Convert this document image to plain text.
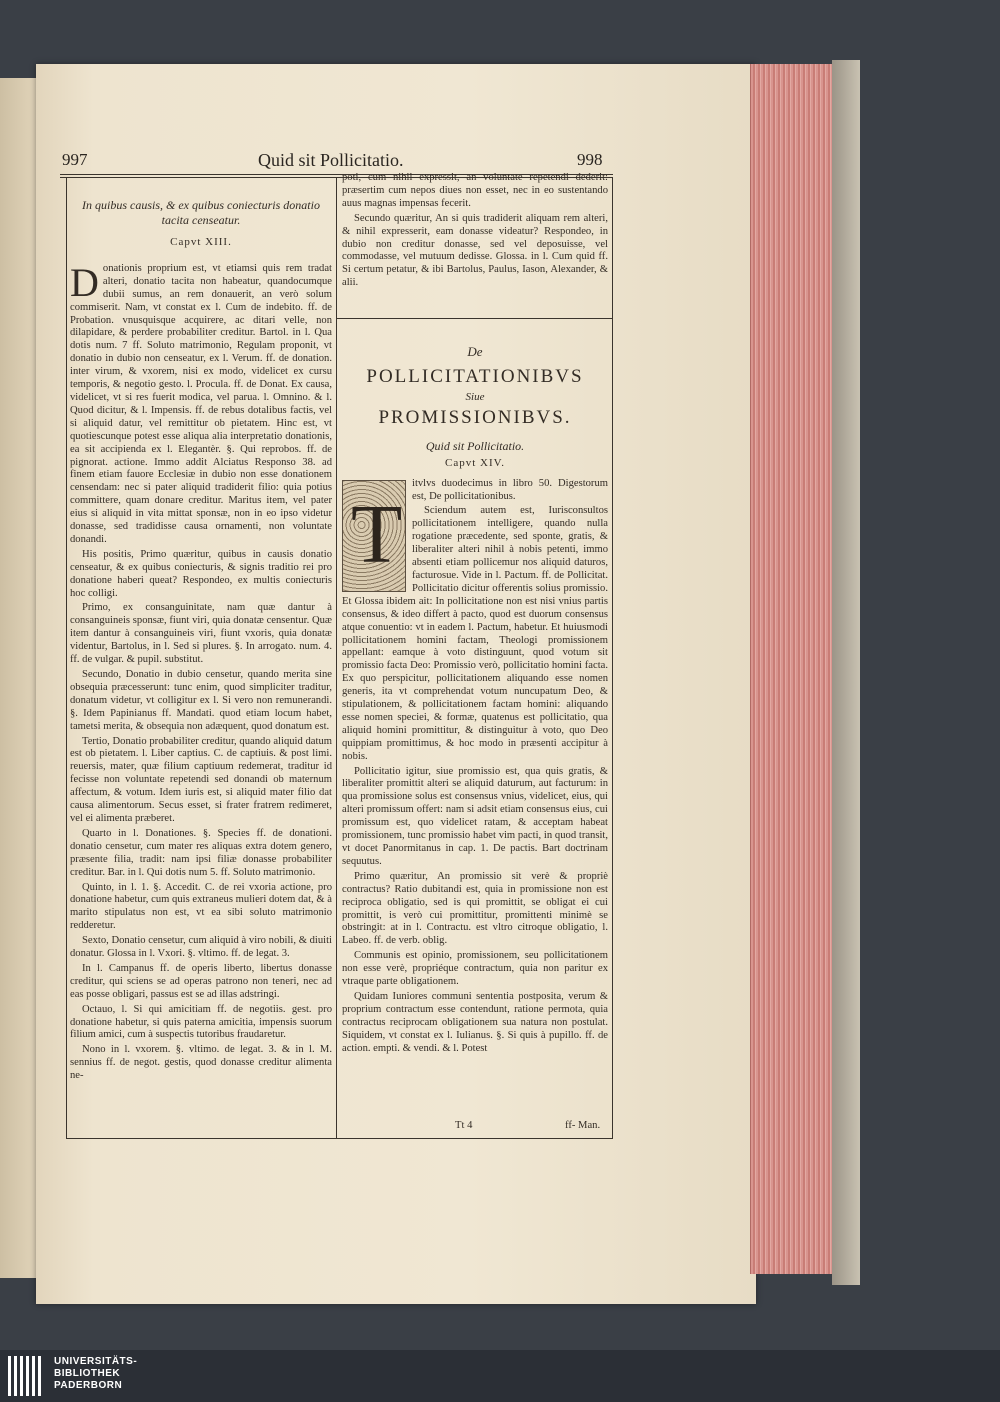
997	Quid sit Pollicitatio.	998

In quibus causis, & ex quibus coniecturis donatio tacita censeatur.

Capvt XIII.

Donationis proprium est, vt etiamsi quis rem tradat alteri, donatio tacita non habeatur, quandocumque dubii sumus, an rem donauerit, an verò solum commiserit. Nam, vt constat ex l. Cum de indebito. ff. de Probation. vnusquisque acquirere, ac ditari velle, non dilapidare, & perdere probabiliter creditur. Bartol. in l. Qua dotis num. 7 ff. Soluto matrimonio, Regulam proponit, vt donatio in dubio non censeatur, ex l. Verum. ff. de donation. inter virum, & vxorem, nisi ex modo, videlicet ex cursu temporis, & negotio gesto. l. Procula. ff. de Donat. Ex causa, videlicet, vt si res fuerit modica, vel parua. l. Omnino. & l. Quod dicitur, & l. Impensis. ff. de rebus dotalibus factis, vel si aliquid datur, vel remittitur ob pietatem. Hinc est, vt quotiescunque potest esse aliqua alia interpretatio donationis, ea sit accipienda ex l. Elegantèr. §. Qui reprobos. ff. de pignorat. actione. Immo addit Alciatus Responso 38. ad finem etiam fauore Ecclesiæ in dubio non esse donationem censendam: nec si pater aliquid tradiderit filio: quia potius committere, quam donare creditur. Maritus item, vel pater eius si aliquid in vita mittat sponsæ, non in eo ipso videtur donasse, sed tradidisse causa ornamenti, non voluntate donandi.

His positis, Primo quæritur, quibus in causis donatio censeatur, & ex quibus coniecturis, & signis traditio rei pro donatione haberi queat? Respondeo, ex multis coniecturis hoc colligi.

Primo, ex consanguinitate, nam quæ dantur à consanguineis sponsæ, fiunt viri, quia donatæ censentur. Quæ item dantur à consanguineis viri, fiunt vxoris, quia donatæ videntur, Bartolus, in l. Sed si plures. §. In arrogato. num. 4. ff. de vulgar. & pupil. substitut.

Secundo, Donatio in dubio censetur, quando merita sine obsequia præcesserunt: tunc enim, quod simpliciter traditur, donatum videtur, vt colligitur ex l. Si vero non remunerandi. §. Idem Papinianus ff. Mandati. quod etiam locum habet, tametsi merita, & obsequia non adæquent, quod donatum est.

Tertio, Donatio probabiliter creditur, quando aliquid datum est ob pietatem. l. Liber captius. C. de captiuis. & post limi. reuersis, mater, quæ filium captiuum redemerat, traditur id fecisse non voluntate repetendi sed donandi ob maternum affectum, & votum. Idem iuris est, si aliquid mater filio dat causa alimentorum. Secus esset, si frater fratrem redimeret, vel ei alimenta præberet.

Quarto in l. Donationes. §. Species ff. de donationi. donatio censetur, cum mater res aliquas extra dotem genero, præsente filia, tradit: nam ipsi filiæ donasse probabiliter creditur. Bar. in l. Qui dotis num 5. ff. Soluto matrimonio.

Quinto, in l. 1. §. Accedit. C. de rei vxoria actione, pro donatione habetur, cum quis extraneus mulieri dotem dat, & à marito stipulatus non est, vt ea sibi soluto matrimonio redderetur.

Sexto, Donatio censetur, cum aliquid à viro nobili, & diuiti donatur. Glossa in l. Vxori. §. vltimo. ff. de legat. 3.

In l. Campanus ff. de operis liberto, libertus donasse creditur, qui sciens se ad operas patrono non teneri, nec ad eas posse obligari, passus est se ad illas adstringi.

Octauo, l. Si qui amicitiam ff. de negotiis. gest. pro donatione habetur, si quis paterna amicitia, impensis suorum filium amici, cum à suspectis tutoribus fraudaretur.

Nono in l. vxorem. §. vltimo. de legat. 3. & in l. M. sennius ff. de negot. gestis, quod donasse creditur alimenta ne-

poti, cum nihil expressit, an voluntate repetendi dederit: præsertim cum nepos diues non esset, nec in eo sustentando auus magnas impensas fecerit.

Secundo quæritur, An si quis tradiderit aliquam rem alteri, & nihil expresserit, eam donasse videatur? Respondeo, in dubio non creditur donasse, sed vel deposuisse, vel commodasse, vel mutuum dedisse. Glossa. in l. Cum quid ff. Si certum petatur, & ibi Bartolus, Paulus, Iason, Alexander, & alii.

De

POLLICITATIONIBVS

Siue

PROMISSIONIBVS.

Quid sit Pollicitatio.

Capvt XIV.

T
itvlvs duodecimus in libro 50. Digestorum est, De pollicitationibus.

Sciendum autem est, Iurisconsultos pollicitationem intelligere, quando nulla rogatione præcedente, sed sponte, gratis, & liberaliter alteri nihil à nobis petenti, immo absenti etiam pollicemur nos aliquid daturos, facturosue. Vide in l. Pactum. ff. de Pollicitat. Pollicitatio dicitur offerentis solius promissio. Et Glossa ibidem ait: In pollicitatione non est nisi vnius partis consensus, & ideo differt à pacto, quod est duorum consensus atque conuentio: vt in eadem l. Pactum, habetur. Et huiusmodi pollicitationem homini factam, Theologi promissionem appellant: eamque à voto distinguunt, quod votum sit promissio facta Deo: Promissio verò, pollicitatio homini facta. Ex quo perspicitur, pollicitationem aliquando esse nomen generis, ita vt comprehendat votum nuncupatum Deo, & stipulationem, & pollicitationem factam homini: aliquando esse nomen speciei, & formæ, quatenus est pollicitatio, qua aliquid homini promittitur, & distinguitur à voto, quo Deo quippiam promittimus, & hoc modo in præsenti accipitur à nobis.

Pollicitatio igitur, siue promissio est, qua quis gratis, & liberaliter promittit alteri se aliquid daturum, aut facturum: in qua promissione solus est consensus vnius, videlicet, eius, qui alteri promissum offert: nam si adsit etiam consensus eius, cui promissum est, quo videlicet ratam, & acceptam habeat promissionem, tunc promissio habet vim pacti, in quod transit, vt docet Panormitanus in cap. 1. De pactis. Bart doctrinam sequutus.

Primo quæritur, An promissio sit verè & propriè contractus? Ratio dubitandi est, quia in promissione non est reciproca obligatio, sed is qui promittit, se obligat ei cui promittit, is verò cui promittitur, promittenti minimè se obstringit: at in l. Contractu. est vltro citroque obligatio, l. Labeo. ff. de verb. oblig.

Communis est opinio, promissionem, seu pollicitationem non esse verè, propriéque contractum, quia non paritur ex vtraque parte obligationem.

Quidam Iuniores communi sententia postposita, verum & proprium contractum esse contendunt, ratione permota, quia contractus reciprocam obligationem sua natura non postulat. Siquidem, vt constat ex l. Iulianus. §. Si quis à pupillo. ff. de action. empti. & vendi. & l. Potest

Tt 4	ff- Man.
UNIVERSITÄTS-
BIBLIOTHEK
PADERBORN
